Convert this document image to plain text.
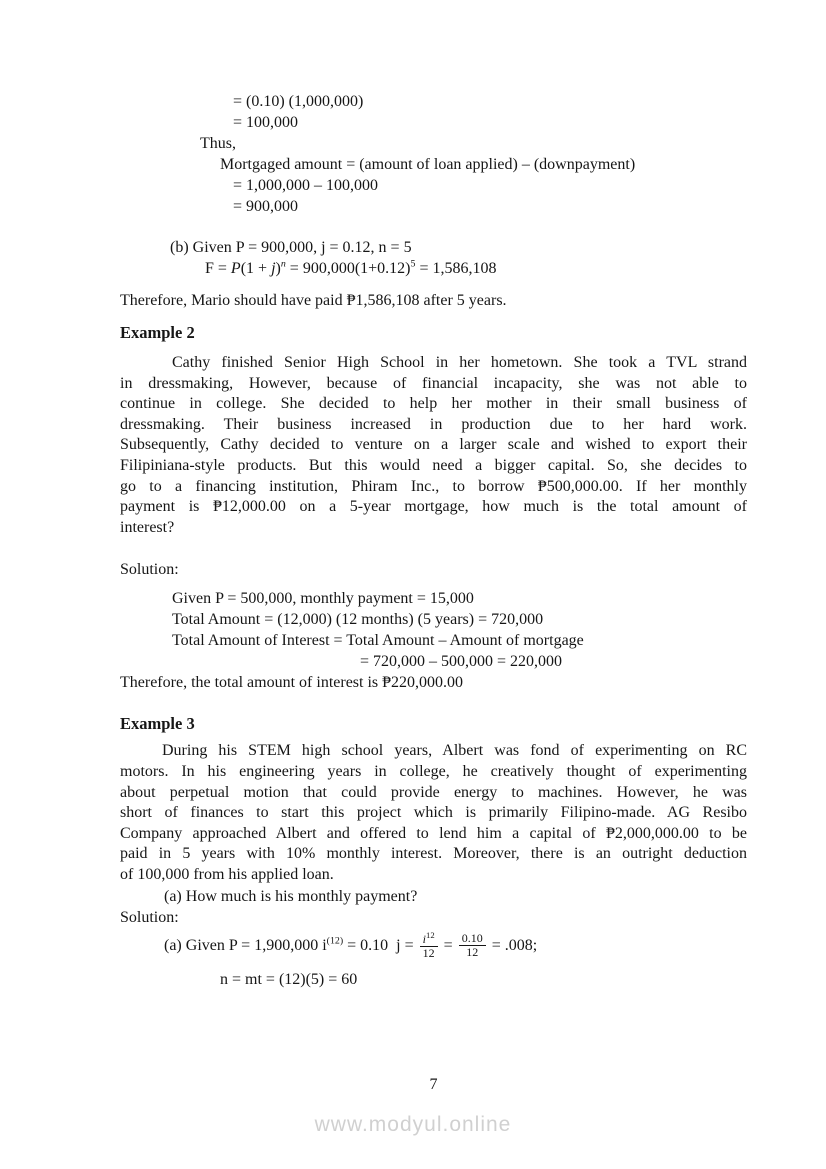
= (0.10) (1,000,000)
= 100,000
Thus,
Mortgaged amount = (amount of loan applied) – (downpayment)
= 1,000,000 – 100,000
= 900,000
(b) Given P = 900,000, j = 0.12, n = 5
$F = P(1 + j)^n = 900,000(1+0.12)^5 = 1,586,108$
Therefore, Mario should have paid ₱1,586,108 after 5 years.
Example 2
Cathy finished Senior High School in her hometown. She took a TVL strand
in dressmaking, However, because of financial incapacity, she was not able to
continue in college. She decided to help her mother in their small business of
dressmaking. Their business increased in production due to her hard work.
Subsequently, Cathy decided to venture on a larger scale and wished to export their
Filipiniana-style products. But this would need a bigger capital. So, she decides to
go to a financing institution, Phiram Inc., to borrow ₱500,000.00. If her monthly
payment is ₱12,000.00 on a 5-year mortgage, how much is the total amount of
interest?
Solution:
Given P = 500,000, monthly payment = 15,000
Total Amount = (12,000) (12 months) (5 years) = 720,000
Total Amount of Interest = Total Amount – Amount of mortgage
= 720,000 – 500,000 = 220,000
Therefore, the total amount of interest is ₱220,000.00
Example 3
During his STEM high school years, Albert was fond of experimenting on RC
motors. In his engineering years in college, he creatively thought of experimenting
about perpetual motion that could provide energy to machines. However, he was
short of finances to start this project which is primarily Filipino-made. AG Resibo
Company approached Albert and offered to lend him a capital of ₱2,000,000.00 to be
paid in 5 years with 10% monthly interest. Moreover, there is an outright deduction
of 100,000 from his applied loan.
(a) How much is his monthly payment?
Solution:
(a) Given P = 1,900,000 $i^{(12)} = 0.10$  $j = \frac{i^{12}}{12} = \frac{0.10}{12} = .008$;
n = mt = (12)(5) = 60
7
www.modyul.online
